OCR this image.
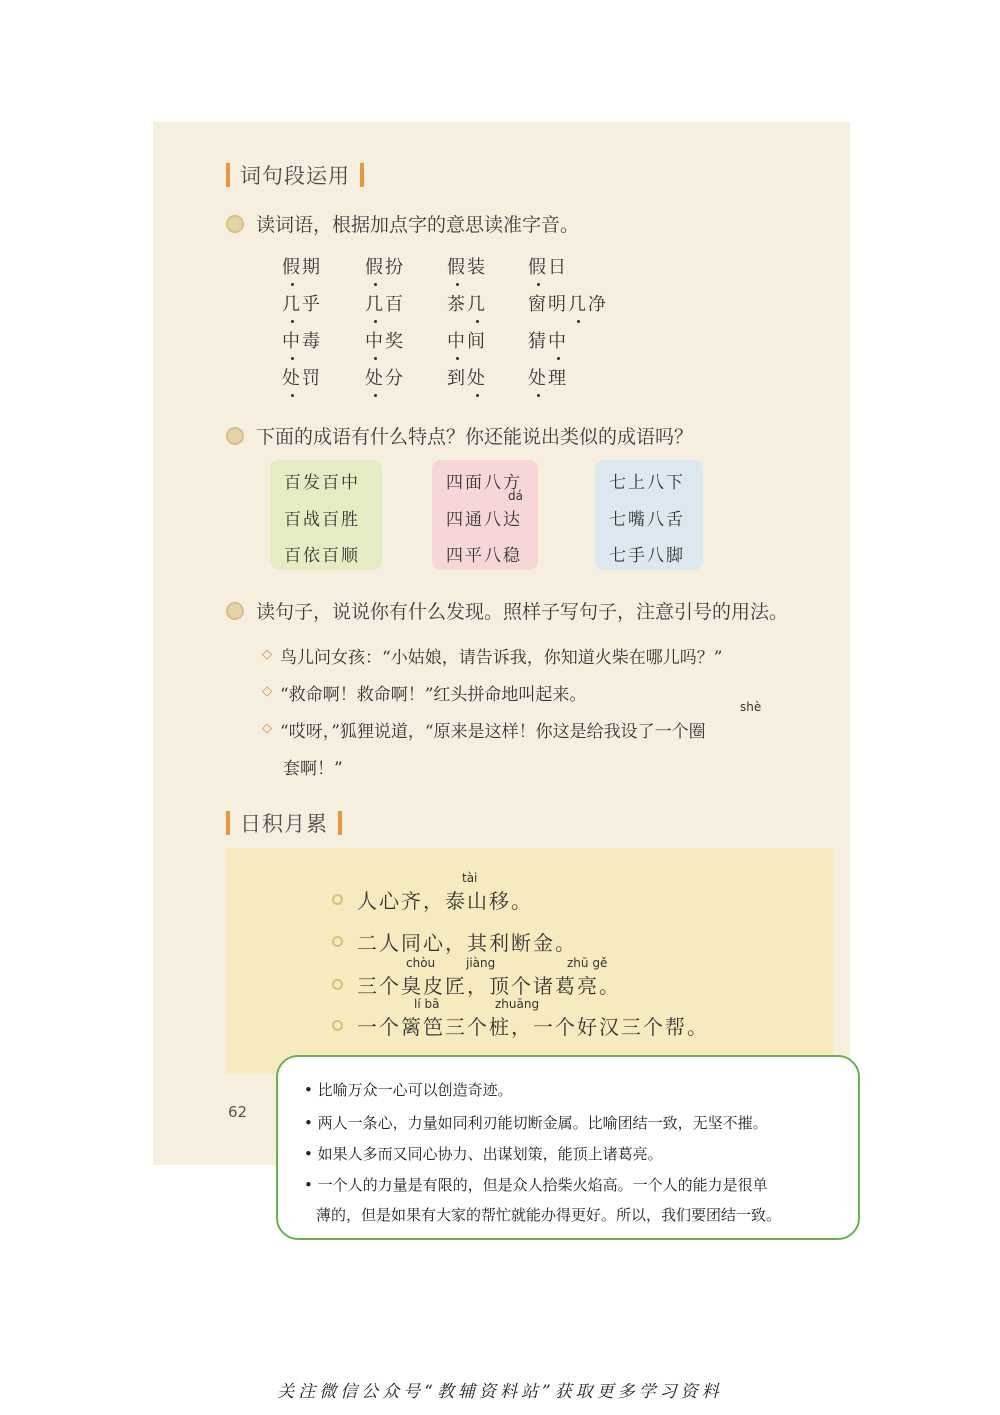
词句段运用
读词语，根据加点字的意思读准字音。
假期 假扮 假装 假日
几乎 几百 茶几 窗明几净
中毒 中奖 中间 猜中
处罚 处分 到处 处理
下面的成语有什么特点？你还能说出类似的成语吗？
百发百中
百战百胜
百依百顺
四面八方
dá
四通八达
四平八稳
七上八下
七嘴八舌
七手八脚
读句子，说说你有什么发现。照样子写句子，注意引号的用法。
◇ 鸟儿问女孩：“小姑娘，请告诉我，你知道火柴在哪儿吗？”
◇ “救命啊！救命啊！”红头拼命地叫起来。
shè
◇ “哎呀，”狐狸说道，“原来是这样！你这是给我设了一个圈
套啊！”
日积月累
tài
人心齐，泰山移。
二人同心，其利断金。
chòu	jiàng	zhū gě
三个臭皮匠，顶个诸葛亮。
lí bā	zhuāng
一个篱笆三个桩，一个好汉三个帮。
62
• 比喻万众一心可以创造奇迹。
• 两人一条心，力量如同利刃能切断金属。比喻团结一致，无坚不摧。
• 如果人多而又同心协力、出谋划策，能顶上诸葛亮。
• 一个人的力量是有限的，但是众人拾柴火焰高。一个人的能力是很单
薄的，但是如果有大家的帮忙就能办得更好。所以，我们要团结一致。
关注微信公众号“教辅资料站”获取更多学习资料
